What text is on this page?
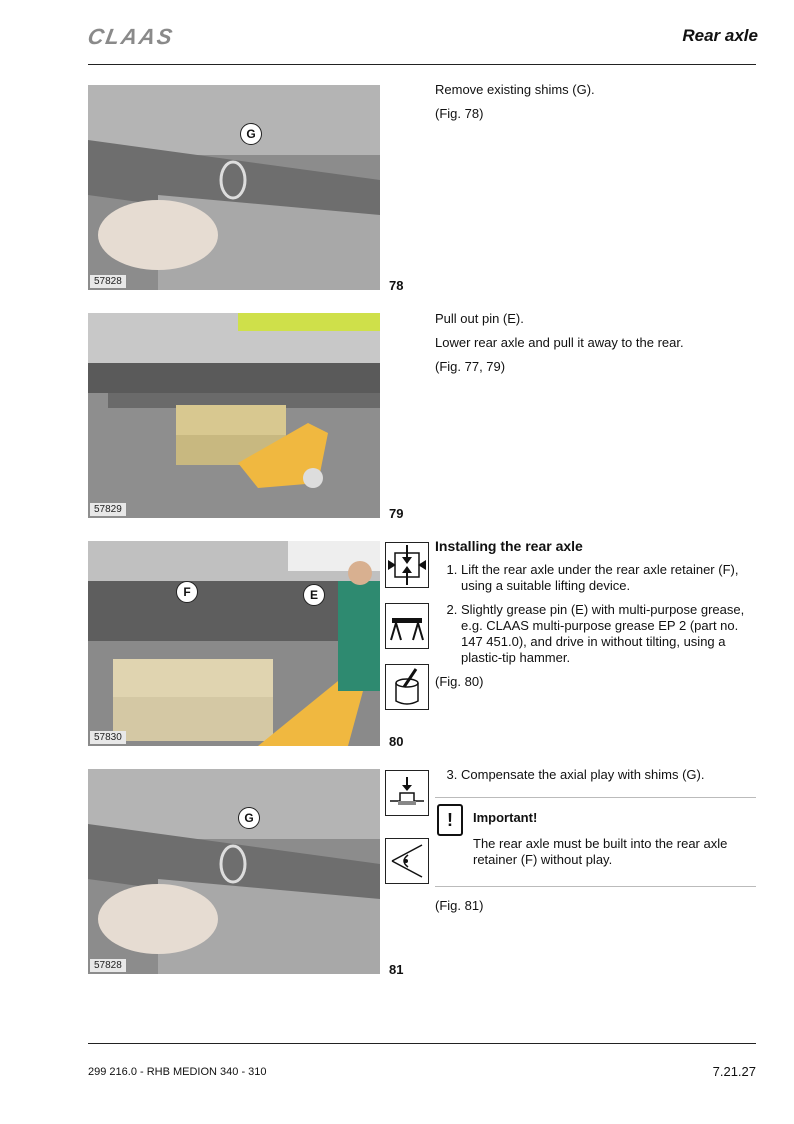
CLAAS	Rear axle
G
57828	78

Remove existing shims (G).

(Fig. 78)

57829	79

Pull out pin (E).

Lower rear axle and pull it away to the rear.

(Fig. 77, 79)

F	E
57830	80
Installing the rear axle
1. Lift the rear axle under the rear axle retainer (F), using a suitable lifting device.
2. Slightly grease pin (E) with multi-purpose grease, e.g. CLAAS multi-purpose grease EP 2 (part no. 147 451.0), and drive in without tilting, using a plastic-tip hammer.
(Fig. 80)
G
57828	81
3. Compensate the axial play with shims (G).
!	Important!
The rear axle must be built into the rear axle retainer (F) without play.
(Fig. 81)
299 216.0 - RHB MEDION 340 - 310	7.21.27
